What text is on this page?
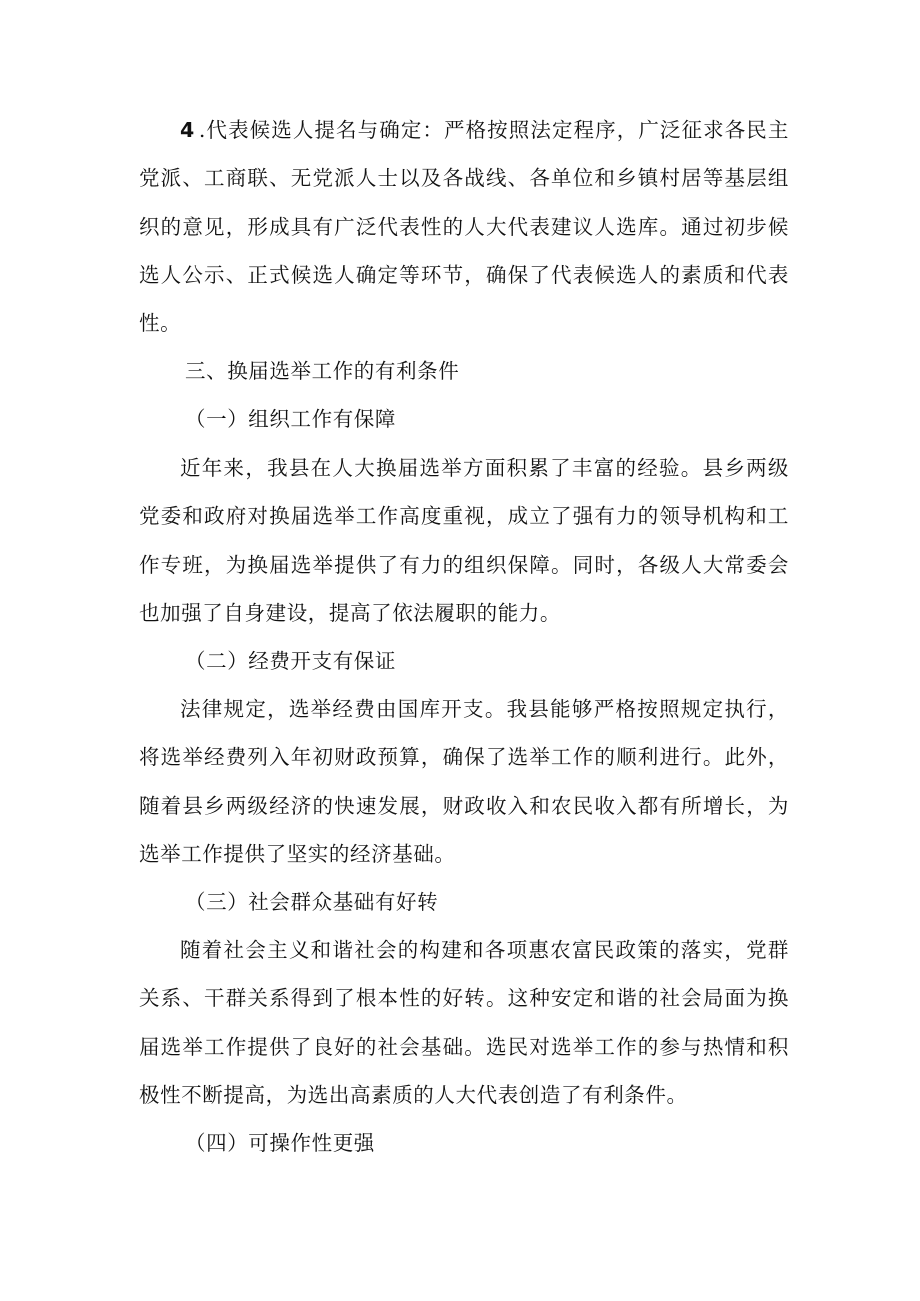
4 .代表候选人提名与确定：严格按照法定程序，广泛征求各民主党派、工商联、无党派人士以及各战线、各单位和乡镇村居等基层组织的意见，形成具有广泛代表性的人大代表建议人选库。通过初步候选人公示、正式候选人确定等环节，确保了代表候选人的素质和代表性。

三、换届选举工作的有利条件
（一）组织工作有保障

近年来，我县在人大换届选举方面积累了丰富的经验。县乡两级党委和政府对换届选举工作高度重视，成立了强有力的领导机构和工作专班，为换届选举提供了有力的组织保障。同时，各级人大常委会也加强了自身建设，提高了依法履职的能力。

（二）经费开支有保证

法律规定，选举经费由国库开支。我县能够严格按照规定执行，将选举经费列入年初财政预算，确保了选举工作的顺利进行。此外，随着县乡两级经济的快速发展，财政收入和农民收入都有所增长，为选举工作提供了坚实的经济基础。

（三）社会群众基础有好转

随着社会主义和谐社会的构建和各项惠农富民政策的落实，党群关系、干群关系得到了根本性的好转。这种安定和谐的社会局面为换届选举工作提供了良好的社会基础。选民对选举工作的参与热情和积极性不断提高，为选出高素质的人大代表创造了有利条件。

（四）可操作性更强
